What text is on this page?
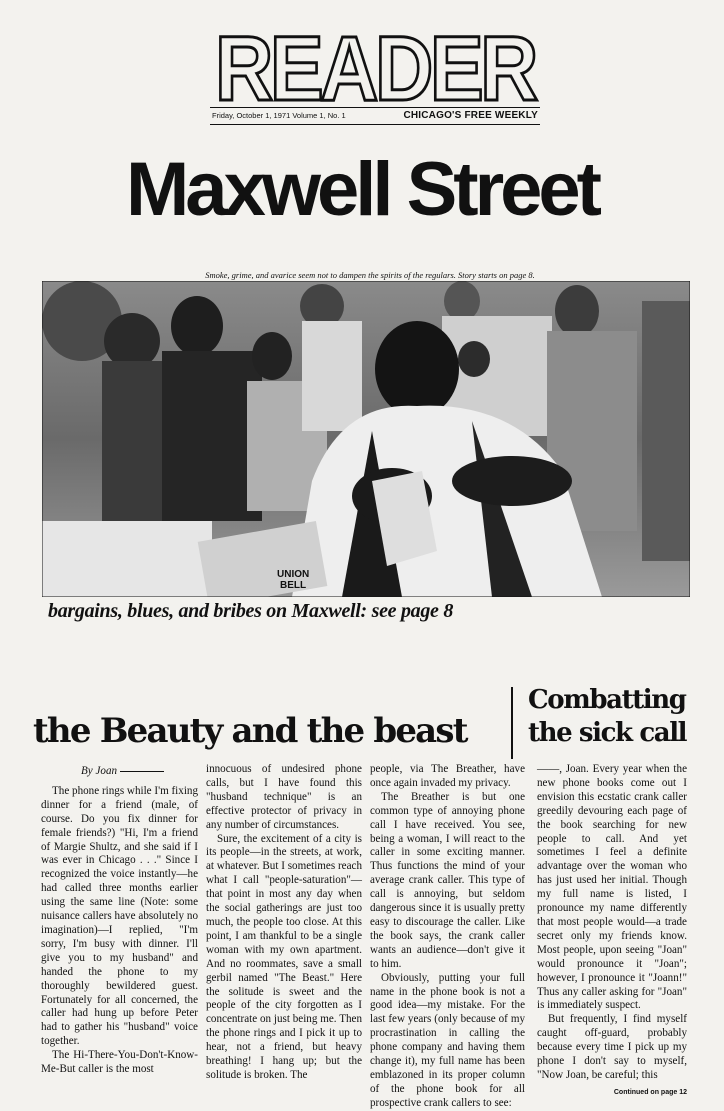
READER
Friday, October 1, 1971 Volume 1, No. 1	CHICAGO'S FREE WEEKLY
Maxwell Street
Smoke, grime, and avarice seem not to dampen the spirits of the regulars. Story starts on page 8.
UNION
BELL
bargains, blues, and bribes on Maxwell: see page 8
the Beauty and the beast
Combatting
the sick call

By Joan

The phone rings while I'm fixing dinner for a friend (male, of course. Do you fix dinner for female friends?) "Hi, I'm a friend of Margie Shultz, and she said if I was ever in Chicago . . ." Since I recognized the voice instantly—he had called three months earlier using the same line (Note: some nuisance callers have absolutely no imagination)—I replied, "I'm sorry, I'm busy with dinner. I'll give you to my husband" and handed the phone to my thoroughly bewildered guest. Fortunately for all concerned, the caller had hung up before Peter had to gather his "husband" voice together.

The Hi-There-You-Don't-Know-Me-But caller is the most

innocuous of undesired phone calls, but I have found this "husband technique" is an effective protector of privacy in any number of circumstances.

Sure, the excitement of a city is its people—in the streets, at work, at whatever. But I sometimes reach what I call "people-saturation"—that point in most any day when the social gatherings are just too much, the people too close. At this point, I am thankful to be a single woman with my own apartment. And no roommates, save a small gerbil named "The Beast." Here the solitude is sweet and the people of the city forgotten as I concentrate on just being me. Then the phone rings and I pick it up to hear, not a friend, but heavy breathing! I hang up; but the solitude is broken. The

people, via The Breather, have once again invaded my privacy.

The Breather is but one common type of annoying phone call I have received. You see, being a woman, I will react to the caller in some exciting manner. Thus functions the mind of your average crank caller. This type of call is annoying, but seldom dangerous since it is usually pretty easy to discourage the caller. Like the book says, the crank caller wants an audience—don't give it to him.

Obviously, putting your full name in the phone book is not a good idea—my mistake. For the last few years (only because of my procrastination in calling the phone company and having them change it), my full name has been emblazoned in its proper column of the phone book for all prospective crank callers to see:

——, Joan. Every year when the new phone books come out I envision this ecstatic crank caller greedily devouring each page of the book searching for new people to call. And yet sometimes I feel a definite advantage over the woman who has just used her initial. Though my full name is listed, I pronounce my name differently that most people would—a trade secret only my friends know. Most people, upon seeing "Joan" would pronounce it "Joan"; however, I pronounce it "Joann!" Thus any caller asking for "Joan" is immediately suspect.

But frequently, I find myself caught off-guard, probably because every time I pick up my phone I don't say to myself, "Now Joan, be careful; this

Continued on page 12
